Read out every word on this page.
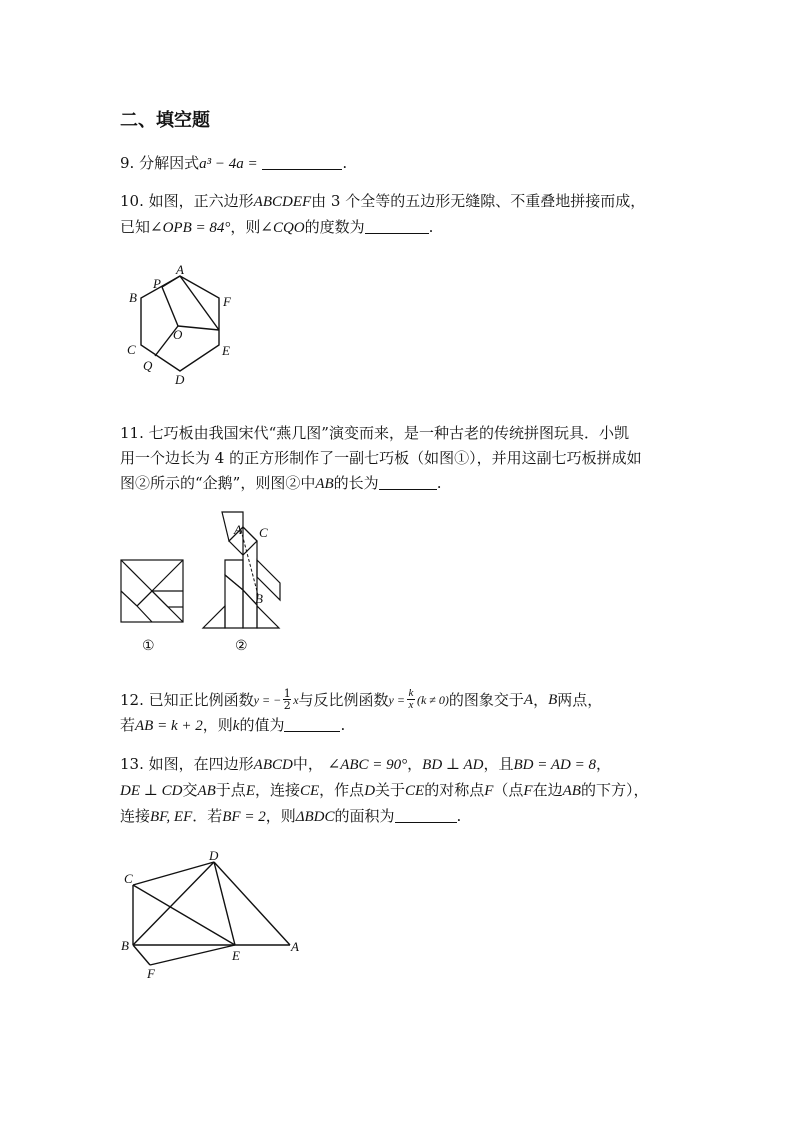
二、填空题
9. 分解因式a³ − 4a =	.
10. 如图，正六边形ABCDEF由 3 个全等的五边形无缝隙、不重叠地拼接而成，
已知∠OPB = 84°，则∠CQO的度数为	.
A
B
C
D
E
F
P
O
Q
11. 七巧板由我国宋代“燕几图”演变而来，是一种古老的传统拼图玩具．小凯
用一个边长为 4 的正方形制作了一副七巧板（如图①），并用这副七巧板拼成如
图②所示的“企鹅”，则图②中AB的长为	.
A C
B
①	②
12.
已知正比例函数 y = − $\frac{1}{2}$ x 与反比例函数 $y = \frac{k}{x} (k \ne 0)$ 的图象交于 A ， B 两点，
若AB = k + 2，则k的值为	.
13. 如图，在四边形ABCD中， ∠ABC = 90°，BD ⊥ AD，且BD = AD = 8，
DE ⊥ CD交AB于点E，连接CE，作点D关于CE的对称点F（点F在边AB的下方），
连接BF, EF．若BF = 2，则ΔBDC的面积为	.
C
D
B
E
A
F
